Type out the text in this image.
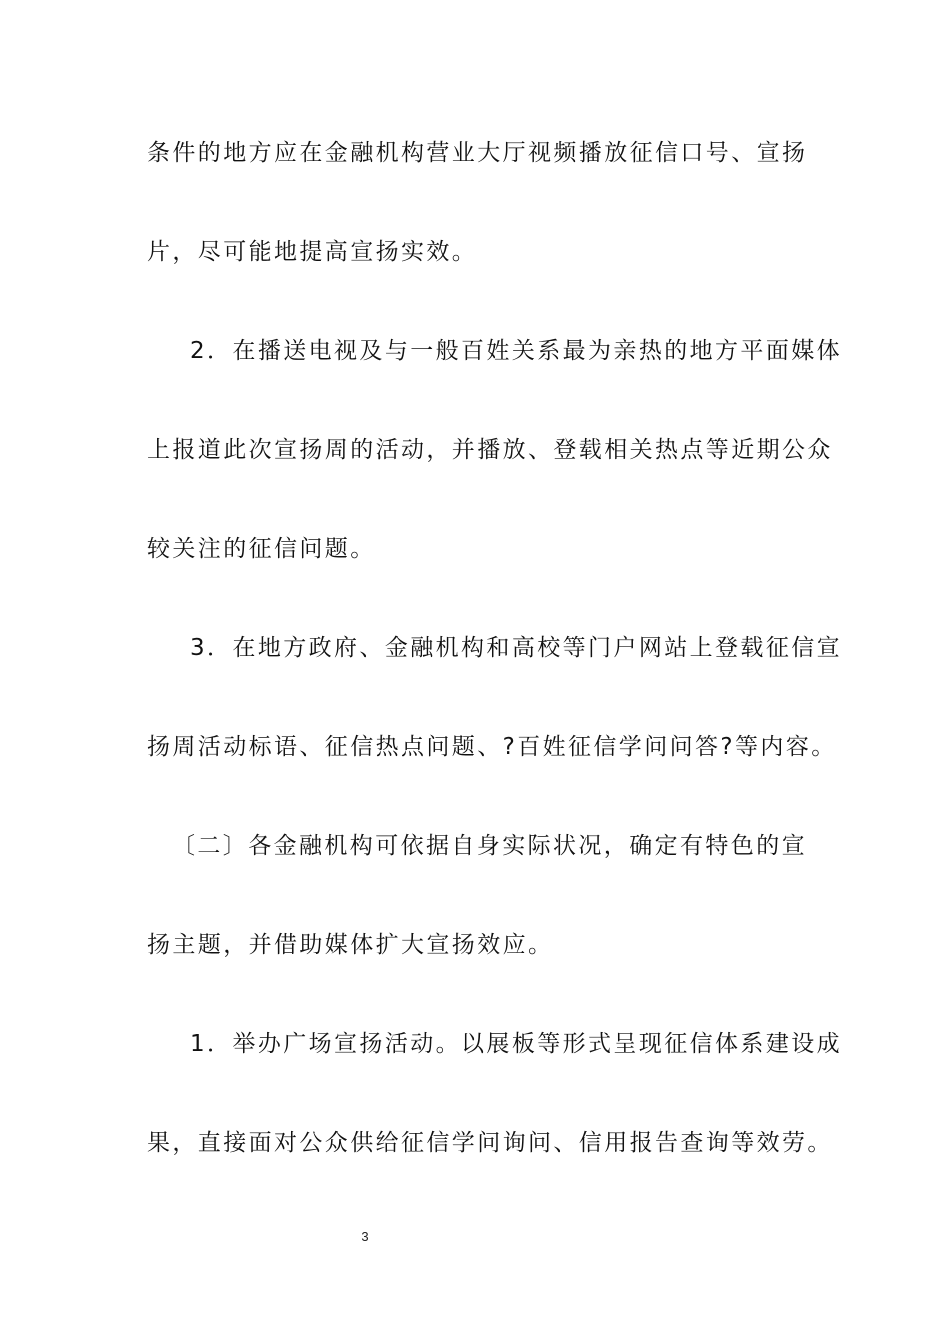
条件的地方应在金融机构营业大厅视频播放征信口号、宣扬
片，尽可能地提高宣扬实效。
2．在播送电视及与一般百姓关系最为亲热的地方平面媒体
上报道此次宣扬周的活动，并播放、登载相关热点等近期公众
较关注的征信问题。
3．在地方政府、金融机构和高校等门户网站上登载征信宣
扬周活动标语、征信热点问题、?百姓征信学问问答?等内容。
〔二〕各金融机构可依据自身实际状况，确定有特色的宣
扬主题，并借助媒体扩大宣扬效应。
1．举办广场宣扬活动。以展板等形式呈现征信体系建设成
果，直接面对公众供给征信学问询问、信用报告查询等效劳。
3
